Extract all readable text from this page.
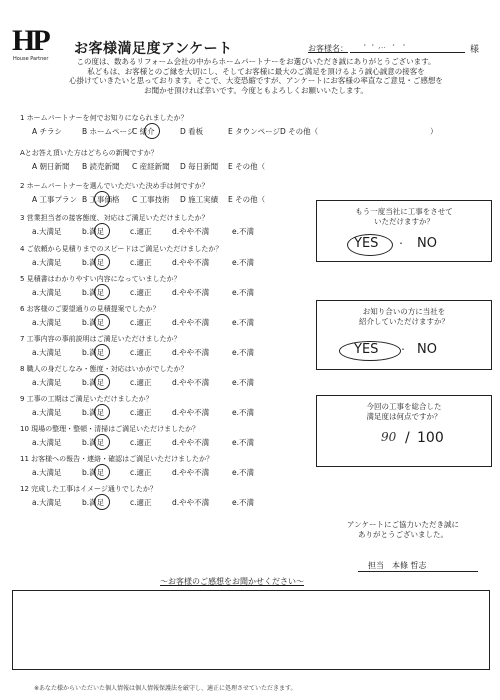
HP
House Partner
お客様満足度アンケート	お客様名： ・・ ,.. ・ ・	様
この度は、数あるリフォーム会社の中からホームパートナーをお選びいただき誠にありがとうございます。
私どもは、お客様とのご縁を大切にし、そしてお客様に最大のご満足を頂けるよう誠心誠意の接客を
心掛けていきたいと思っております。そこで、大変恐縮ですが、アンケートにお客様の率直なご意見・ご感想を
お聞かせ頂ければ幸いです。今度ともよろしくお願いいたします。
1 ホームパートナーを何でお知りになられましたか？
A チラシ	B ホームページ
C 紹介	D 看板	E タウンページ D その他（	）
Aとお答え頂いた方はどちらの新聞ですか？
A 朝日新聞 B 読売新聞 C 産経新聞 D 毎日新聞 E その他（
2 ホームパートナーを選んでいただいた決め手は何ですか？
A 工事プラン B 工事価格 C 工事技術 D 施工実績 E その他（
3 営業担当者の接客態度、対応はご満足いただけましたか？
a.大満足	b.満足	c.適正	d.やや不満	e.不満
4 ご依頼から見積りまでのスピードはご満足いただけましたか？
a.大満足	b.満足	c.適正	d.やや不満	e.不満
5 見積書はわかりやすい内容になっていましたか？
a.大満足	b.満足	c.適正	d.やや不満	e.不満
6 お客様のご要望通りの見積提案でしたか？
a.大満足	b.満足	c.適正	d.やや不満	e.不満
7 工事内容の事前説明はご満足いただけましたか？
a.大満足	b.満足	c.適正	d.やや不満	e.不満
8 職人の身だしなみ・態度・対応はいかがでしたか？
a.大満足	b.満足	c.適正	d.やや不満	e.不満
9 工事の工期はご満足いただけましたか？
a.大満足	b.満足	c.適正	d.やや不満	e.不満
10 現場の整理・整頓・清掃はご満足いただけましたか？
a.大満足	b.満足	c.適正	d.やや不満	e.不満
11 お客様への報告・連絡・確認はご満足いただけましたか？
a.大満足	b.満足	c.適正	d.やや不満	e.不満
12 完成した工事はイメージ通りでしたか？
a.大満足	b.満足	c.適正	d.やや不満	e.不満
もう一度当社に工事をさせて
いただけますか？
YES ・ NO
お知り合いの方に当社を
紹介していただけますか？
YES	・ NO
今回の工事を総合した
満足度は何点ですか？
90 / 100
アンケートにご協力いただき誠に
ありがとうございました。
担当　本條 哲志
～お客様のご感想をお聞かせください～
※あなた様からいただいた個人情報は個人情報保護法を厳守し、適正に処理させていただきます。
